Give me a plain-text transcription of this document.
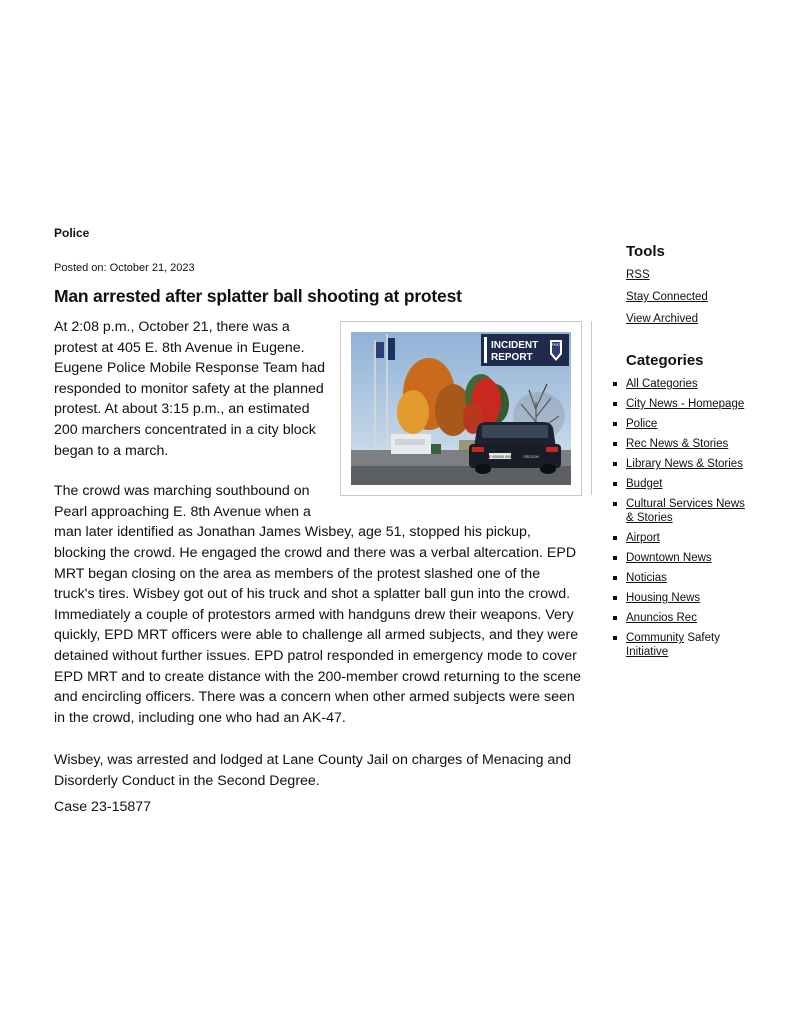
Police
Posted on: October 21, 2023
Man arrested after splatter ball shooting at protest
INCIDENT
REPORT
POLICE
E 000000 000	OREGON

At 2:08 p.m., October 21, there was a protest at 405 E. 8th Avenue in Eugene. Eugene Police Mobile Response Team had responded to monitor safety at the planned protest. At about 3:15 p.m., an estimated 200 marchers concentrated in a city block began to a march.

The crowd was marching southbound on Pearl approaching E. 8th Avenue when a man later identified as Jonathan James Wisbey, age 51, stopped his pickup, blocking the crowd. He engaged the crowd and there was a verbal altercation. EPD MRT began closing on the area as members of the protest slashed one of the truck's tires. Wisbey got out of his truck and shot a splatter ball gun into the crowd. Immediately a couple of protestors armed with handguns drew their weapons. Very quickly, EPD MRT officers were able to challenge all armed subjects, and they were detained without further issues. EPD patrol responded in emergency mode to cover EPD MRT and to create distance with the 200-member crowd returning to the scene and encircling officers. There was a concern when other armed subjects were seen in the crowd, including one who had an AK-47.

Wisbey, was arrested and lodged at Lane County Jail on charges of Menacing and Disorderly Conduct in the Second Degree.

Case 23-15877

Tools
RSS
Stay Connected
View Archived
Categories
All Categories
City News - Homepage
Police
Rec News & Stories
Library News & Stories
Budget
Cultural Services News & Stories
Airport
Downtown News
Noticias
Housing News
Anuncios Rec
Community Safety
Initiative
